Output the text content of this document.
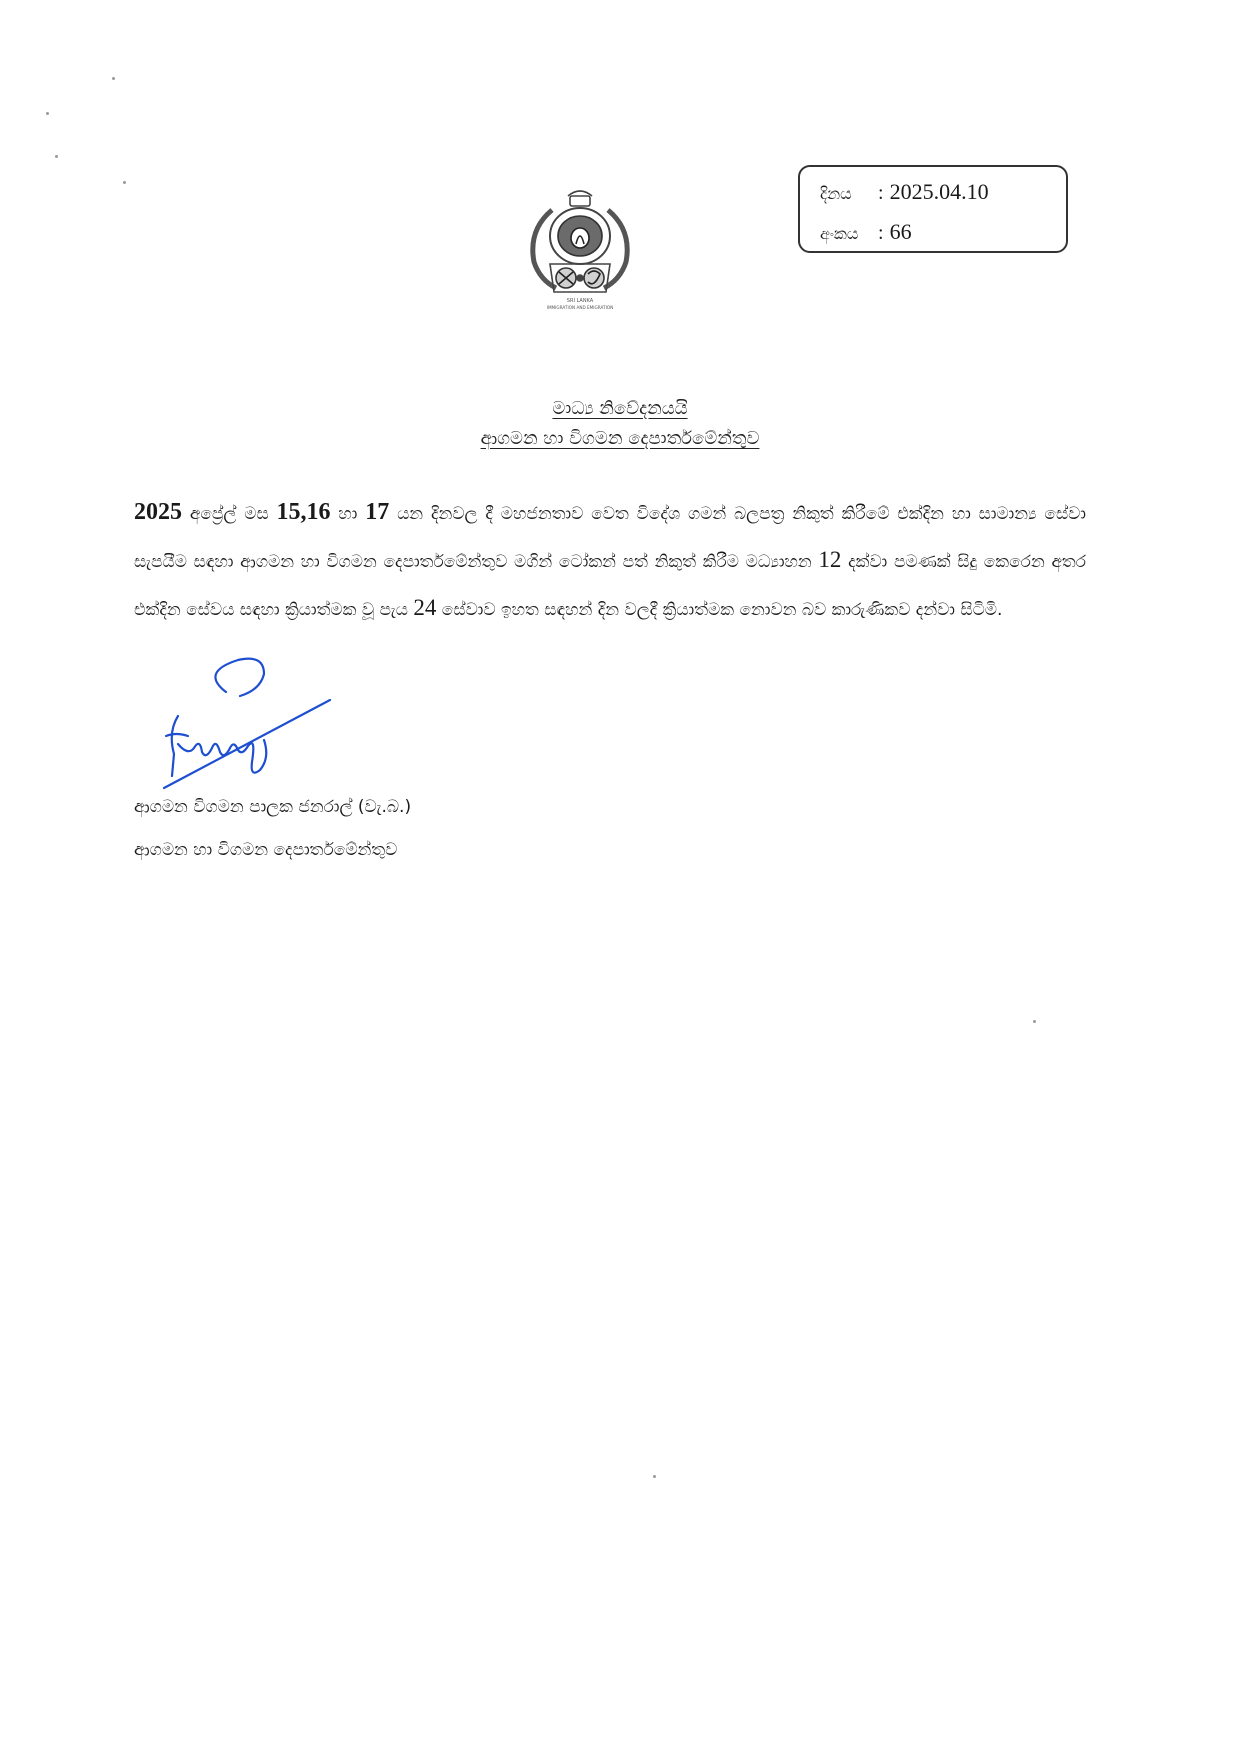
SRI LANKA
IMMIGRATION AND EMIGRATION
දිනය	: 2025.04.10
අංකය : 66
මාධ්‍ය නිවේදනයයි
ආගමන හා විගමන දෙපාර්තමේන්තුව
2025 අප්‍රේල් මස 15,16 හා 17 යන දිනවල දී මහජනතාව වෙත විදේශ ගමන් බලපත්‍ර නිකුත් කිරීමේ එක්දින හා සාමාන්‍ය සේවා සැපයීම සඳහා ආගමන හා විගමන දෙපාර්තමේන්තුව මගින් ටෝකන් පත් නිකුත් කිරීම මධ්‍යාහන 12 දක්වා පමණක් සිදු කෙරෙන අතර එක්දින සේවය සඳහා ක්‍රියාත්මක වූ පැය 24 සේවාව ඉහත සඳහන් දින වලදී ක්‍රියාත්මක නොවන බව කාරුණිකව දන්වා සිටිමි.
ආගමන විගමන පාලක ජනරාල් (වැ.බ.)
ආගමන හා විගමන දෙපාර්තමේන්තුව
